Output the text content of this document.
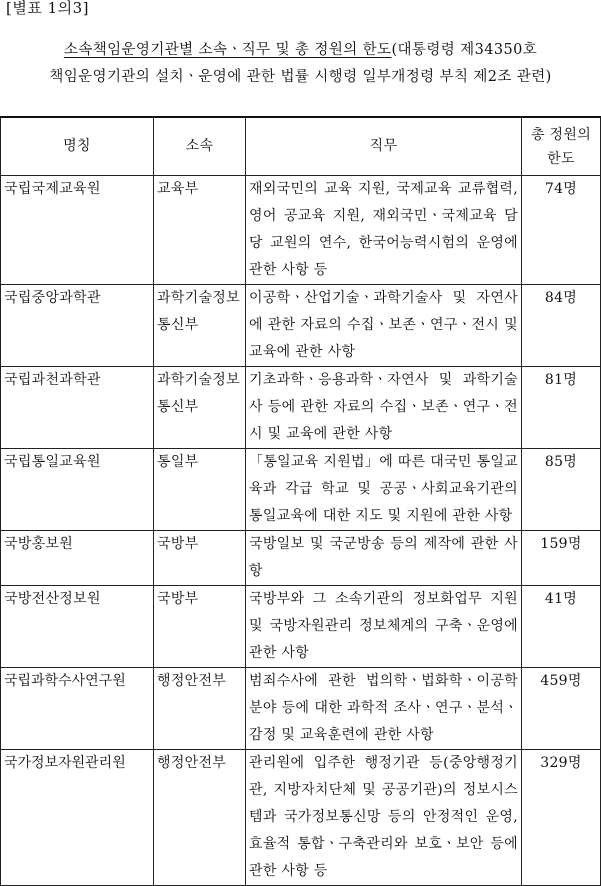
[별표 1의3]
소속책임운영기관별 소속ㆍ직무 및 총 정원의 한도(대통령령 제34350호
책임운영기관의 설치ㆍ운영에 관한 법률 시행령 일부개정령 부칙 제2조 관련)
명칭	소속	직무	총 정원의 한도
국립국제교육원	교육부	재외국민의 교육 지원, 국제교육 교류협력, 영어 공교육 지원, 재외국민ㆍ국제교육 담당 교원의 연수, 한국어능력시험의 운영에 관한 사항 등	74명
국립중앙과학관	과학기술정보통신부	이공학ㆍ산업기술ㆍ과학기술사 및 자연사에 관한 자료의 수집ㆍ보존ㆍ연구ㆍ전시 및 교육에 관한 사항	84명
국립과천과학관	과학기술정보통신부	기초과학ㆍ응용과학ㆍ자연사 및 과학기술사 등에 관한 자료의 수집ㆍ보존ㆍ연구ㆍ전시 및 교육에 관한 사항	81명
국립통일교육원	통일부	「통일교육 지원법」에 따른 대국민 통일교육과 각급 학교 및 공공ㆍ사회교육기관의 통일교육에 대한 지도 및 지원에 관한 사항	85명
국방홍보원	국방부	국방일보 및 국군방송 등의 제작에 관한 사항	159명
국방전산정보원	국방부	국방부와 그 소속기관의 정보화업무 지원 및 국방자원관리 정보체계의 구축ㆍ운영에 관한 사항	41명
국립과학수사연구원	행정안전부	범죄수사에 관한 법의학ㆍ법화학ㆍ이공학 분야 등에 대한 과학적 조사ㆍ연구ㆍ분석ㆍ감정 및 교육훈련에 관한 사항	459명
국가정보자원관리원	행정안전부	관리원에 입주한 행정기관 등(중앙행정기관, 지방자치단체 및 공공기관)의 정보시스템과 국가정보통신망 등의 안정적인 운영, 효율적 통합ㆍ구축관리와 보호ㆍ보안 등에 관한 사항 등	329명
